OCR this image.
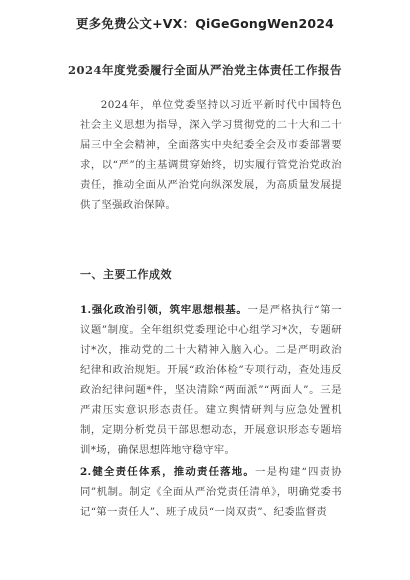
更多免费公文+VX：QiGeGongWen2024
2024年度党委履行全面从严治党主体责任工作报告

2024年，单位党委坚持以习近平新时代中国特色社会主义思想为指导，深入学习贯彻党的二十大和二十届三中全会精神，全面落实中央纪委全会及市委部署要求，以“严”的主基调贯穿始终，切实履行管党治党政治责任，推动全面从严治党向纵深发展，为高质量发展提供了坚强政治保障。

一、主要工作成效

1.强化政治引领，筑牢思想根基。一是严格执行“第一议题”制度。全年组织党委理论中心组学习*次，专题研讨*次，推动党的二十大精神入脑入心。二是严明政治纪律和政治规矩。开展“政治体检”专项行动，查处违反政治纪律问题*件，坚决清除“两面派”“两面人”。三是严肃压实意识形态责任。建立舆情研判与应急处置机制，定期分析党员干部思想动态，开展意识形态专题培训*场，确保思想阵地守稳守牢。

2.健全责任体系，推动责任落地。一是构建“四责协同”机制。制定《全面从严治党责任清单》，明确党委书记“第一责任人”、班子成员“一岗双责”、纪委监督责
